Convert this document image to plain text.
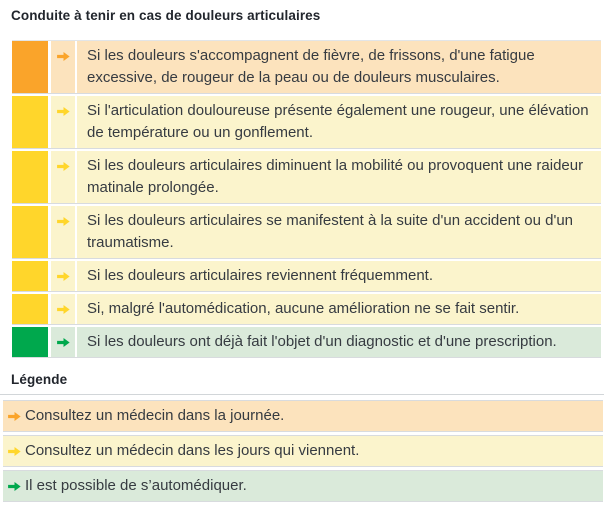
Conduite à tenir en cas de douleurs articulaires
Si les douleurs s'accompagnent de fièvre, de frissons, d'une fatigue excessive, de rougeur de la peau ou de douleurs musculaires.
Si l'articulation douloureuse présente également une rougeur, une élévation de température ou un gonflement.
Si les douleurs articulaires diminuent la mobilité ou provoquent une raideur matinale prolongée.
Si les douleurs articulaires se manifestent à la suite d'un accident ou d'un traumatisme.
Si les douleurs articulaires reviennent fréquemment.
Si, malgré l'automédication, aucune amélioration ne se fait sentir.
Si les douleurs ont déjà fait l'objet d'un diagnostic et d'une prescription.
Légende
Consultez un médecin dans la journée.
Consultez un médecin dans les jours qui viennent.
Il est possible de s’automédiquer.
